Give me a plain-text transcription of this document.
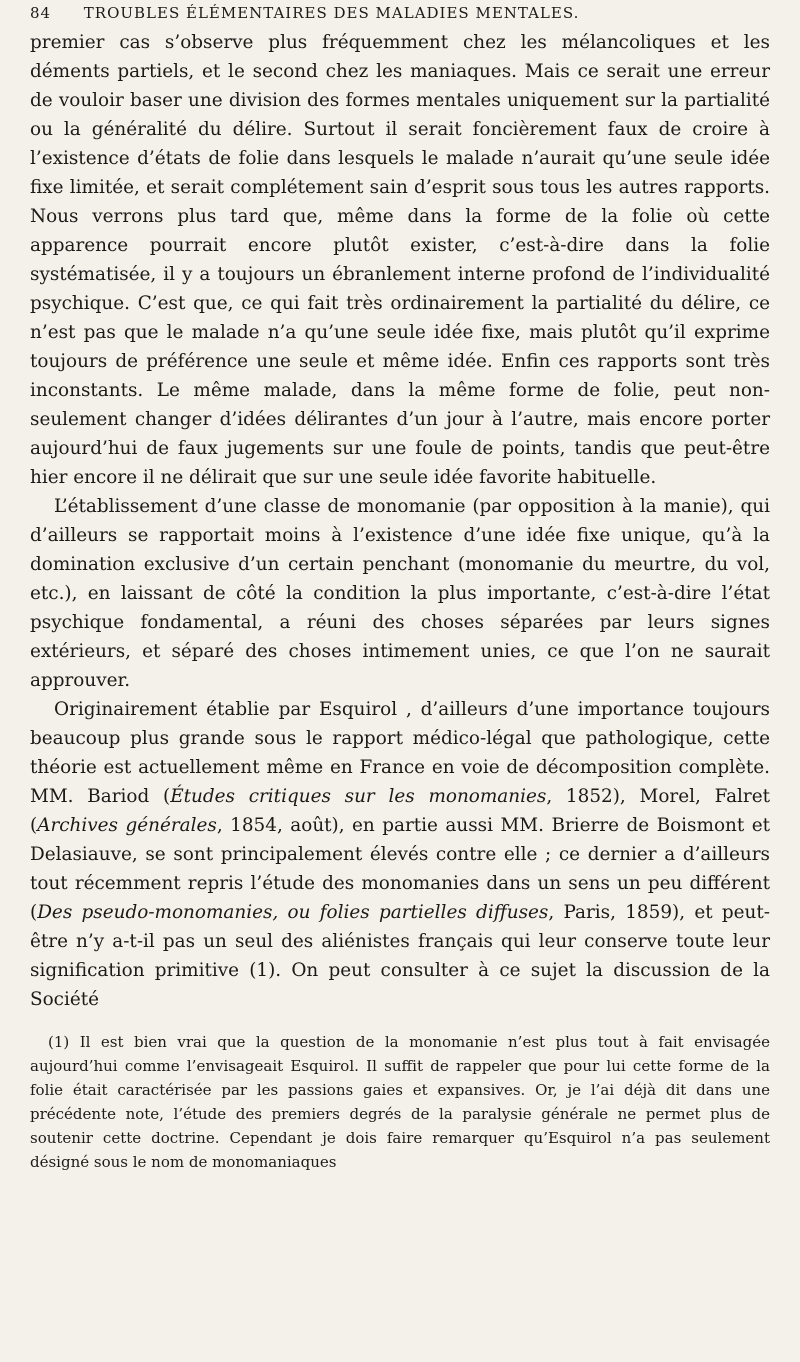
84 TROUBLES ÉLÉMENTAIRES DES MALADIES MENTALES.

premier cas s’observe plus fréquemment chez les mélancoliques et les déments partiels, et le second chez les maniaques. Mais ce serait une erreur de vouloir baser une division des formes mentales uniquement sur la partialité ou la généralité du délire. Surtout il serait foncièrement faux de croire à l’existence d’états de folie dans lesquels le malade n’aurait qu’une seule idée fixe limitée, et serait complétement sain d’esprit sous tous les autres rapports. Nous verrons plus tard que, même dans la forme de la folie où cette apparence pourrait encore plutôt exister, c’est-à-dire dans la folie systématisée, il y a toujours un ébranlement interne profond de l’individualité psychique. C’est que, ce qui fait très ordinairement la partialité du délire, ce n’est pas que le malade n’a qu’une seule idée fixe, mais plutôt qu’il exprime toujours de préférence une seule et même idée. Enfin ces rapports sont très inconstants. Le même malade, dans la même forme de folie, peut non-seulement changer d’idées délirantes d’un jour à l’autre, mais encore porter aujourd’hui de faux jugements sur une foule de points, tandis que peut-être hier encore il ne délirait que sur une seule idée favorite habituelle.

L’établissement d’une classe de monomanie (par opposition à la manie), qui d’ailleurs se rapportait moins à l’existence d’une idée fixe unique, qu’à la domination exclusive d’un certain penchant (monomanie du meurtre, du vol, etc.), en laissant de côté la condition la plus importante, c’est-à-dire l’état psychique fondamental, a réuni des choses séparées par leurs signes extérieurs, et séparé des choses intimement unies, ce que l’on ne saurait approuver.

Originairement établie par Esquirol , d’ailleurs d’une importance toujours beaucoup plus grande sous le rapport médico-légal que pathologique, cette théorie est actuellement même en France en voie de décomposition complète. MM. Bariod (Études critiques sur les monomanies, 1852), Morel, Falret (Archives générales, 1854, août), en partie aussi MM. Brierre de Boismont et Delasiauve, se sont principalement élevés contre elle ; ce dernier a d’ailleurs tout récemment repris l’étude des monomanies dans un sens un peu différent (Des pseudo-monomanies, ou folies partielles diffuses, Paris, 1859), et peut-être n’y a-t-il pas un seul des aliénistes français qui leur conserve toute leur signification primitive (1). On peut consulter à ce sujet la discussion de la Société

(1) Il est bien vrai que la question de la monomanie n’est plus tout à fait envisagée aujourd’hui comme l’envisageait Esquirol. Il suffit de rappeler que pour lui cette forme de la folie était caractérisée par les passions gaies et expansives. Or, je l’ai déjà dit dans une précédente note, l’étude des premiers degrés de la paralysie générale ne permet plus de soutenir cette doctrine. Cependant je dois faire remarquer qu’Esquirol n’a pas seulement désigné sous le nom de monomaniaques
